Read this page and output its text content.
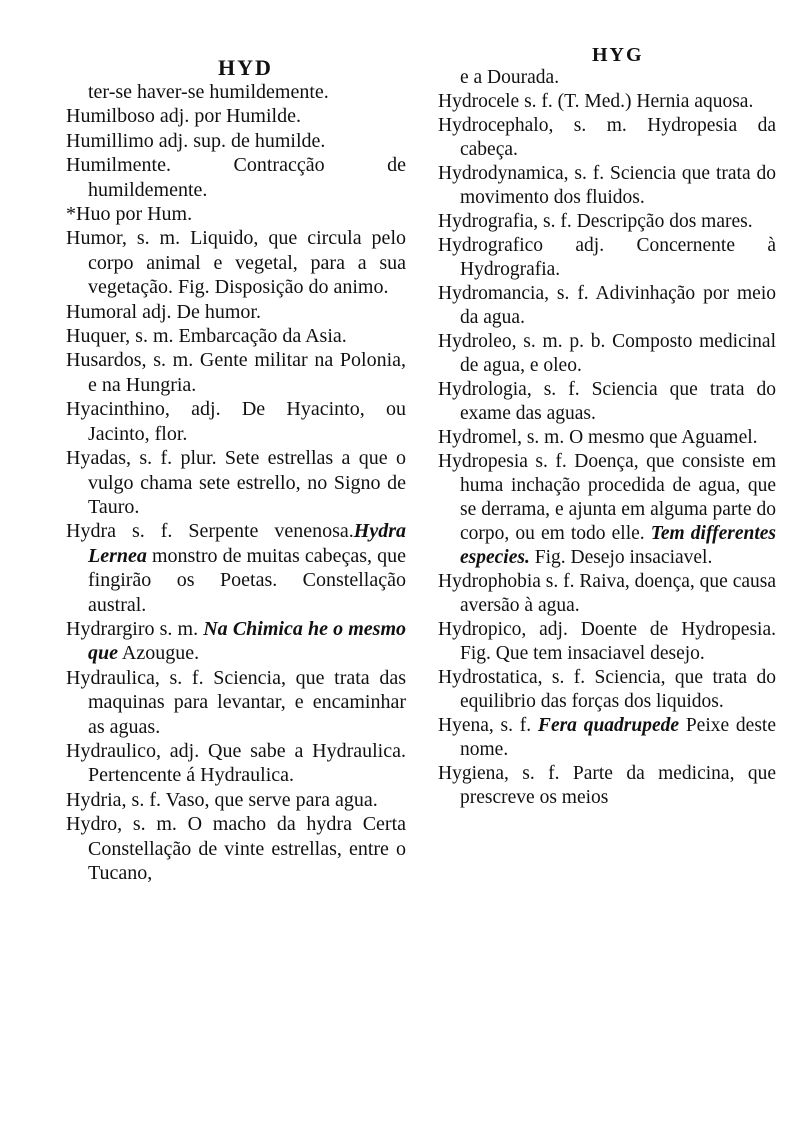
HYD	HYG
ter-se haver-se humildemente.
Humilboso adj. por Humilde.
Humillimo adj. sup. de humilde.
Humilmente. Contracção de humildemente.
*Huo por Hum.
Humor, s. m. Liquido, que circula pelo corpo animal e vegetal, para a sua vegetação. Fig. Disposição do animo.
Humoral adj. De humor.
Huquer, s. m. Embarcação da Asia.
Husardos, s. m. Gente militar na Polonia, e na Hungria.
Hyacinthino, adj. De Hyacinto, ou Jacinto, flor.
Hyadas, s. f. plur. Sete estrellas a que o vulgo chama sete estrello, no Signo de Tauro.
Hydra s. f. Serpente venenosa.Hydra Lernea monstro de muitas cabeças, que fingirão os Poetas. Constellação austral.
Hydrargiro s. m. Na Chimica he o mesmo que Azougue.
Hydraulica, s. f. Sciencia, que trata das maquinas para levantar, e encaminhar as aguas.
Hydraulico, adj. Que sabe a Hydraulica. Pertencente á Hydraulica.
Hydria, s. f. Vaso, que serve para agua.
Hydro, s. m. O macho da hydra Certa Constellação de vinte estrellas, entre o Tucano,
e a Dourada.
Hydrocele s. f. (T. Med.) Hernia aquosa.
Hydrocephalo, s. m. Hydropesia da cabeça.
Hydrodynamica, s. f. Sciencia que trata do movimento dos fluidos.
Hydrografia, s. f. Descripção dos mares.
Hydrografico adj. Concernente à Hydrografia.
Hydromancia, s. f. Adivinhação por meio da agua.
Hydroleo, s. m. p. b. Composto medicinal de agua, e oleo.
Hydrologia, s. f. Sciencia que trata do exame das aguas.
Hydromel, s. m. O mesmo que Aguamel.
Hydropesia s. f. Doença, que consiste em huma inchação procedida de agua, que se derrama, e ajunta em alguma parte do corpo, ou em todo elle. Tem differentes especies. Fig. Desejo insaciavel.
Hydrophobia s. f. Raiva, doença, que causa aversão à agua.
Hydropico, adj. Doente de Hydropesia. Fig. Que tem insaciavel desejo.
Hydrostatica, s. f. Sciencia, que trata do equilibrio das forças dos liquidos.
Hyena, s. f. Fera quadrupede Peixe deste nome.
Hygiena, s. f. Parte da medicina, que prescreve os meios
